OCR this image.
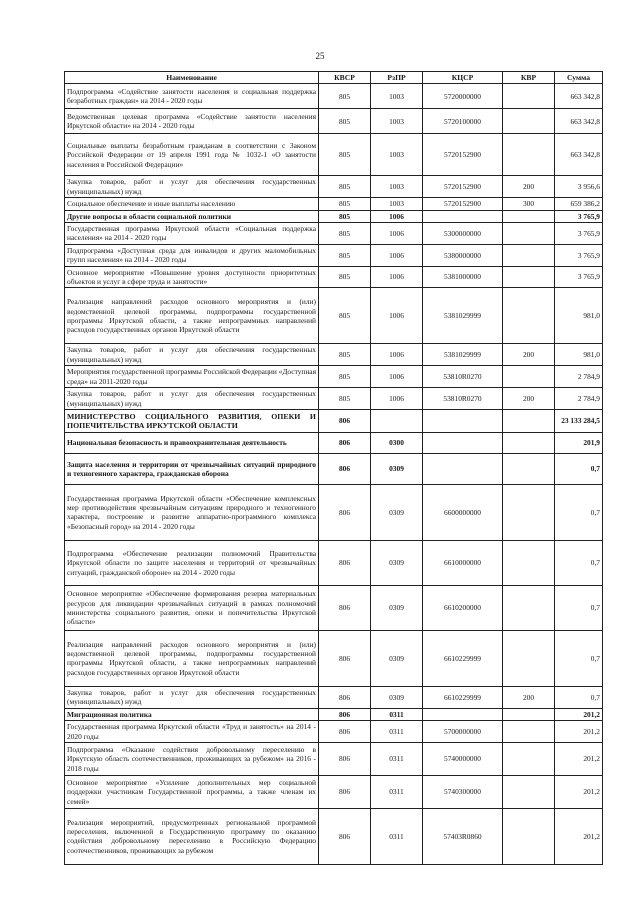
25
Наименование	КВСР	РзПР	КЦСР	КВР	Сумма
Подпрограмма «Содействие занятости населения и социальная поддержка безработных граждан» на 2014 - 2020 годы	805	1003	5720000000		663 342,8
Ведомственная целевая программа «Содействие занятости населения Иркутской области» на 2014 - 2020 годы	805	1003	5720100000		663 342,8
Социальные выплаты безработным гражданам в соответствии с Законом Российской Федерации от 19 апреля 1991 года № 1032-1 «О занятости населения в Российской Федерации»	805	1003	5720152900		663 342,8
Закупка товаров, работ и услуг для обеспечения государственных (муниципальных) нужд	805	1003	5720152900	200	3 956,6
Социальное обеспечение и иные выплаты населению	805	1003	5720152900	300	659 386,2
Другие вопросы в области социальной политики	805	1006			3 765,9
Государственная программа Иркутской области «Социальная поддержка населения» на 2014 - 2020 годы	805	1006	5300000000		3 765,9
Подпрограмма «Доступная среда для инвалидов и других маломобильных групп населения» на 2014 - 2020 годы	805	1006	5380000000		3 765,9
Основное мероприятие «Повышение уровня доступности приоритетных объектов и услуг в сфере труда и занятости»	805	1006	5381000000		3 765,9
Реализация направлений расходов основного мероприятия и (или) ведомственной целевой программы, подпрограммы государственной программы Иркутской области, а также непрограммных направлений расходов государственных органов Иркутской области	805	1006	5381029999		981,0
Закупка товаров, работ и услуг для обеспечения государственных (муниципальных) нужд	805	1006	5381029999	200	981,0
Мероприятия государственной программы Российской Федерации «Доступная среда» на 2011-2020 годы	805	1006	53810R0270		2 784,9
Закупка товаров, работ и услуг для обеспечения государственных (муниципальных) нужд	805	1006	53810R0270	200	2 784,9
МИНИСТЕРСТВО СОЦИАЛЬНОГО РАЗВИТИЯ, ОПЕКИ И ПОПЕЧИТЕЛЬСТВА ИРКУТСКОЙ ОБЛАСТИ	806				23 133 284,5
Национальная безопасность и правоохранительная деятельность	806	0300			201,9
Защита населения и территории от чрезвычайных ситуаций природного и техногенного характера, гражданская оборона	806	0309			0,7
Государственная программа Иркутской области «Обеспечение комплексных мер противодействия чрезвычайным ситуациям природного и техногенного характера, построение и развитие аппаратно-программного комплекса «Безопасный город» на 2014 - 2020 годы	806	0309	6600000000		0,7
Подпрограмма «Обеспечение реализации полномочий Правительства Иркутской области по защите населения и территорий от чрезвычайных ситуаций, гражданской обороне» на 2014 - 2020 годы	806	0309	6610000000		0,7
Основное мероприятие «Обеспечение формирования резерва материальных ресурсов для ликвидации чрезвычайных ситуаций в рамках полномочий министерства социального развития, опеки и попечительства Иркутской области»	806	0309	6610200000		0,7
Реализация направлений расходов основного мероприятия и (или) ведомственной целевой программы, подпрограммы государственной программы Иркутской области, а также непрограммных направлений расходов государственных органов Иркутской области	806	0309	6610229999		0,7
Закупка товаров, работ и услуг для обеспечения государственных (муниципальных) нужд	806	0309	6610229999	200	0,7
Миграционная политика	806	0311			201,2
Государственная программа Иркутской области «Труд и занятость» на 2014 - 2020 годы	806	0311	5700000000		201,2
Подпрограмма «Оказание содействия добровольному переселению в Иркутскую область соотечественников, проживающих за рубежом» на 2016 - 2018 годы	806	0311	5740000000		201,2
Основное мероприятие «Усиление дополнительных мер социальной поддержки участникам Государственной программы, а также членам их семей»	806	0311	5740300000		201,2
Реализация мероприятий, предусмотренных региональной программой переселения, включенной в Государственную программу по оказанию содействия добровольному переселению в Российскую Федерацию соотечественников, проживающих за рубежом	806	0311	57403R0860		201,2
